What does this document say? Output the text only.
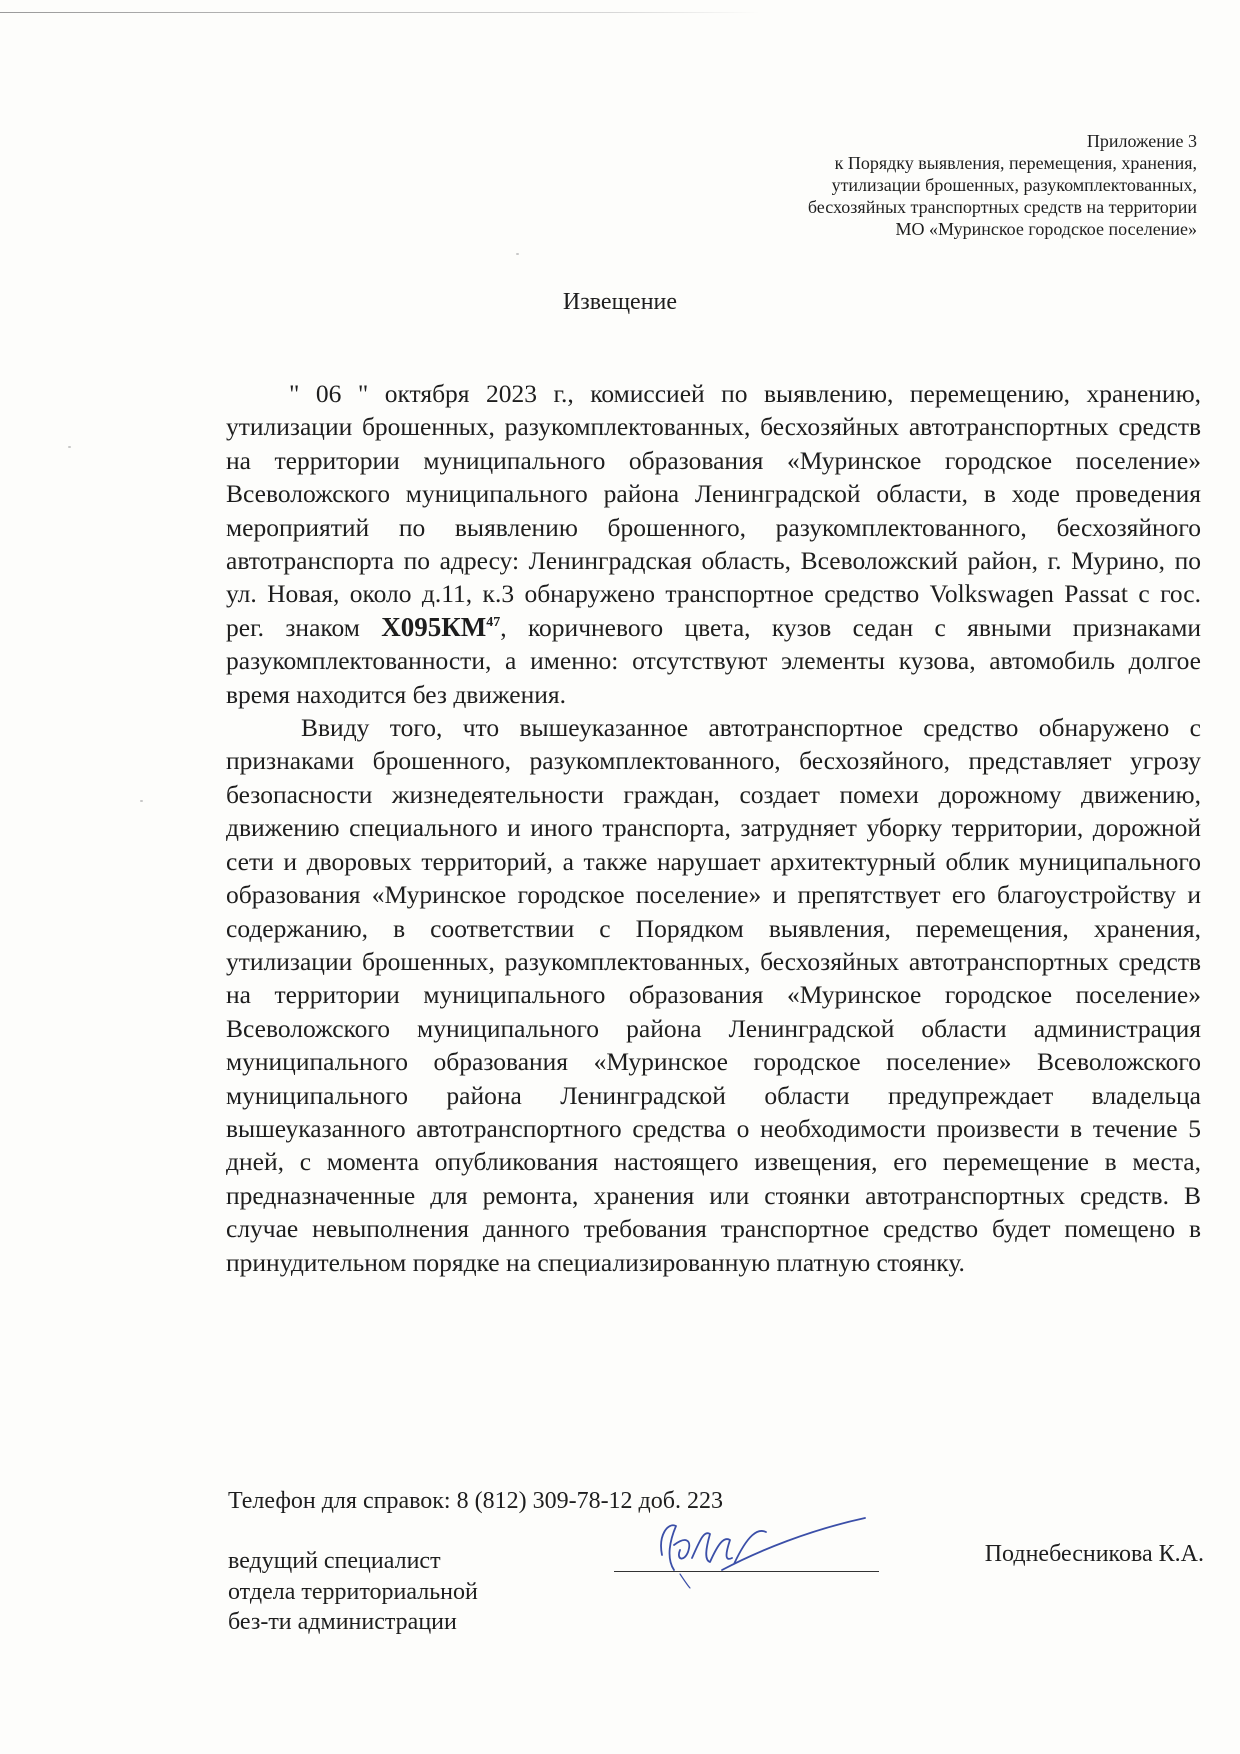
Приложение 3
к Порядку выявления, перемещения, хранения,
утилизации брошенных, разукомплектованных,
бесхозяйных транспортных средств на территории
МО «Муринское городское поселение»
Извещение

" 06 " октября 2023 г., комиссией по выявлению, перемещению, хранению, утилизации брошенных, разукомплектованных, бесхозяйных автотранспортных средств на территории муниципального образования «Муринское городское поселение» Всеволожского муниципального района Ленинградской области, в ходе проведения мероприятий по выявлению брошенного, разукомплектованного, бесхозяйного автотранспорта по адресу: Ленинградская область, Всеволожский район, г. Мурино, по ул. Новая, около д.11, к.3 обнаружено транспортное средство Volkswagen Passat с гос. рег. знаком Х095КМ$^{47}$, коричневого цвета, кузов седан с явными признаками разукомплектованности, а именно: отсутствуют элементы кузова, автомобиль долгое время находится без движения.

Ввиду того, что вышеуказанное автотранспортное средство обнаружено с признаками брошенного, разукомплектованного, бесхозяйного, представляет угрозу безопасности жизнедеятельности граждан, создает помехи дорожному движению, движению специального и иного транспорта, затрудняет уборку территории, дорожной сети и дворовых территорий, а также нарушает архитектурный облик муниципального образования «Муринское городское поселение» и препятствует его благоустройству и содержанию, в соответствии с Порядком выявления, перемещения, хранения, утилизации брошенных, разукомплектованных, бесхозяйных автотранспортных средств на территории муниципального образования «Муринское городское поселение» Всеволожского муниципального района Ленинградской области администрация муниципального образования «Муринское городское поселение» Всеволожского муниципального района Ленинградской области предупреждает владельца вышеуказанного автотранспортного средства о необходимости произвести в течение 5 дней, с момента опубликования настоящего извещения, его перемещение в места, предназначенные для ремонта, хранения или стоянки автотранспортных средств. В случае невыполнения данного требования транспортное средство будет помещено в принудительном порядке на специализированную платную стоянку.

Телефон для справок: 8 (812) 309-78-12 доб. 223
ведущий специалист
отдела территориальной
без-ти администрации
Поднебесникова К.А.
